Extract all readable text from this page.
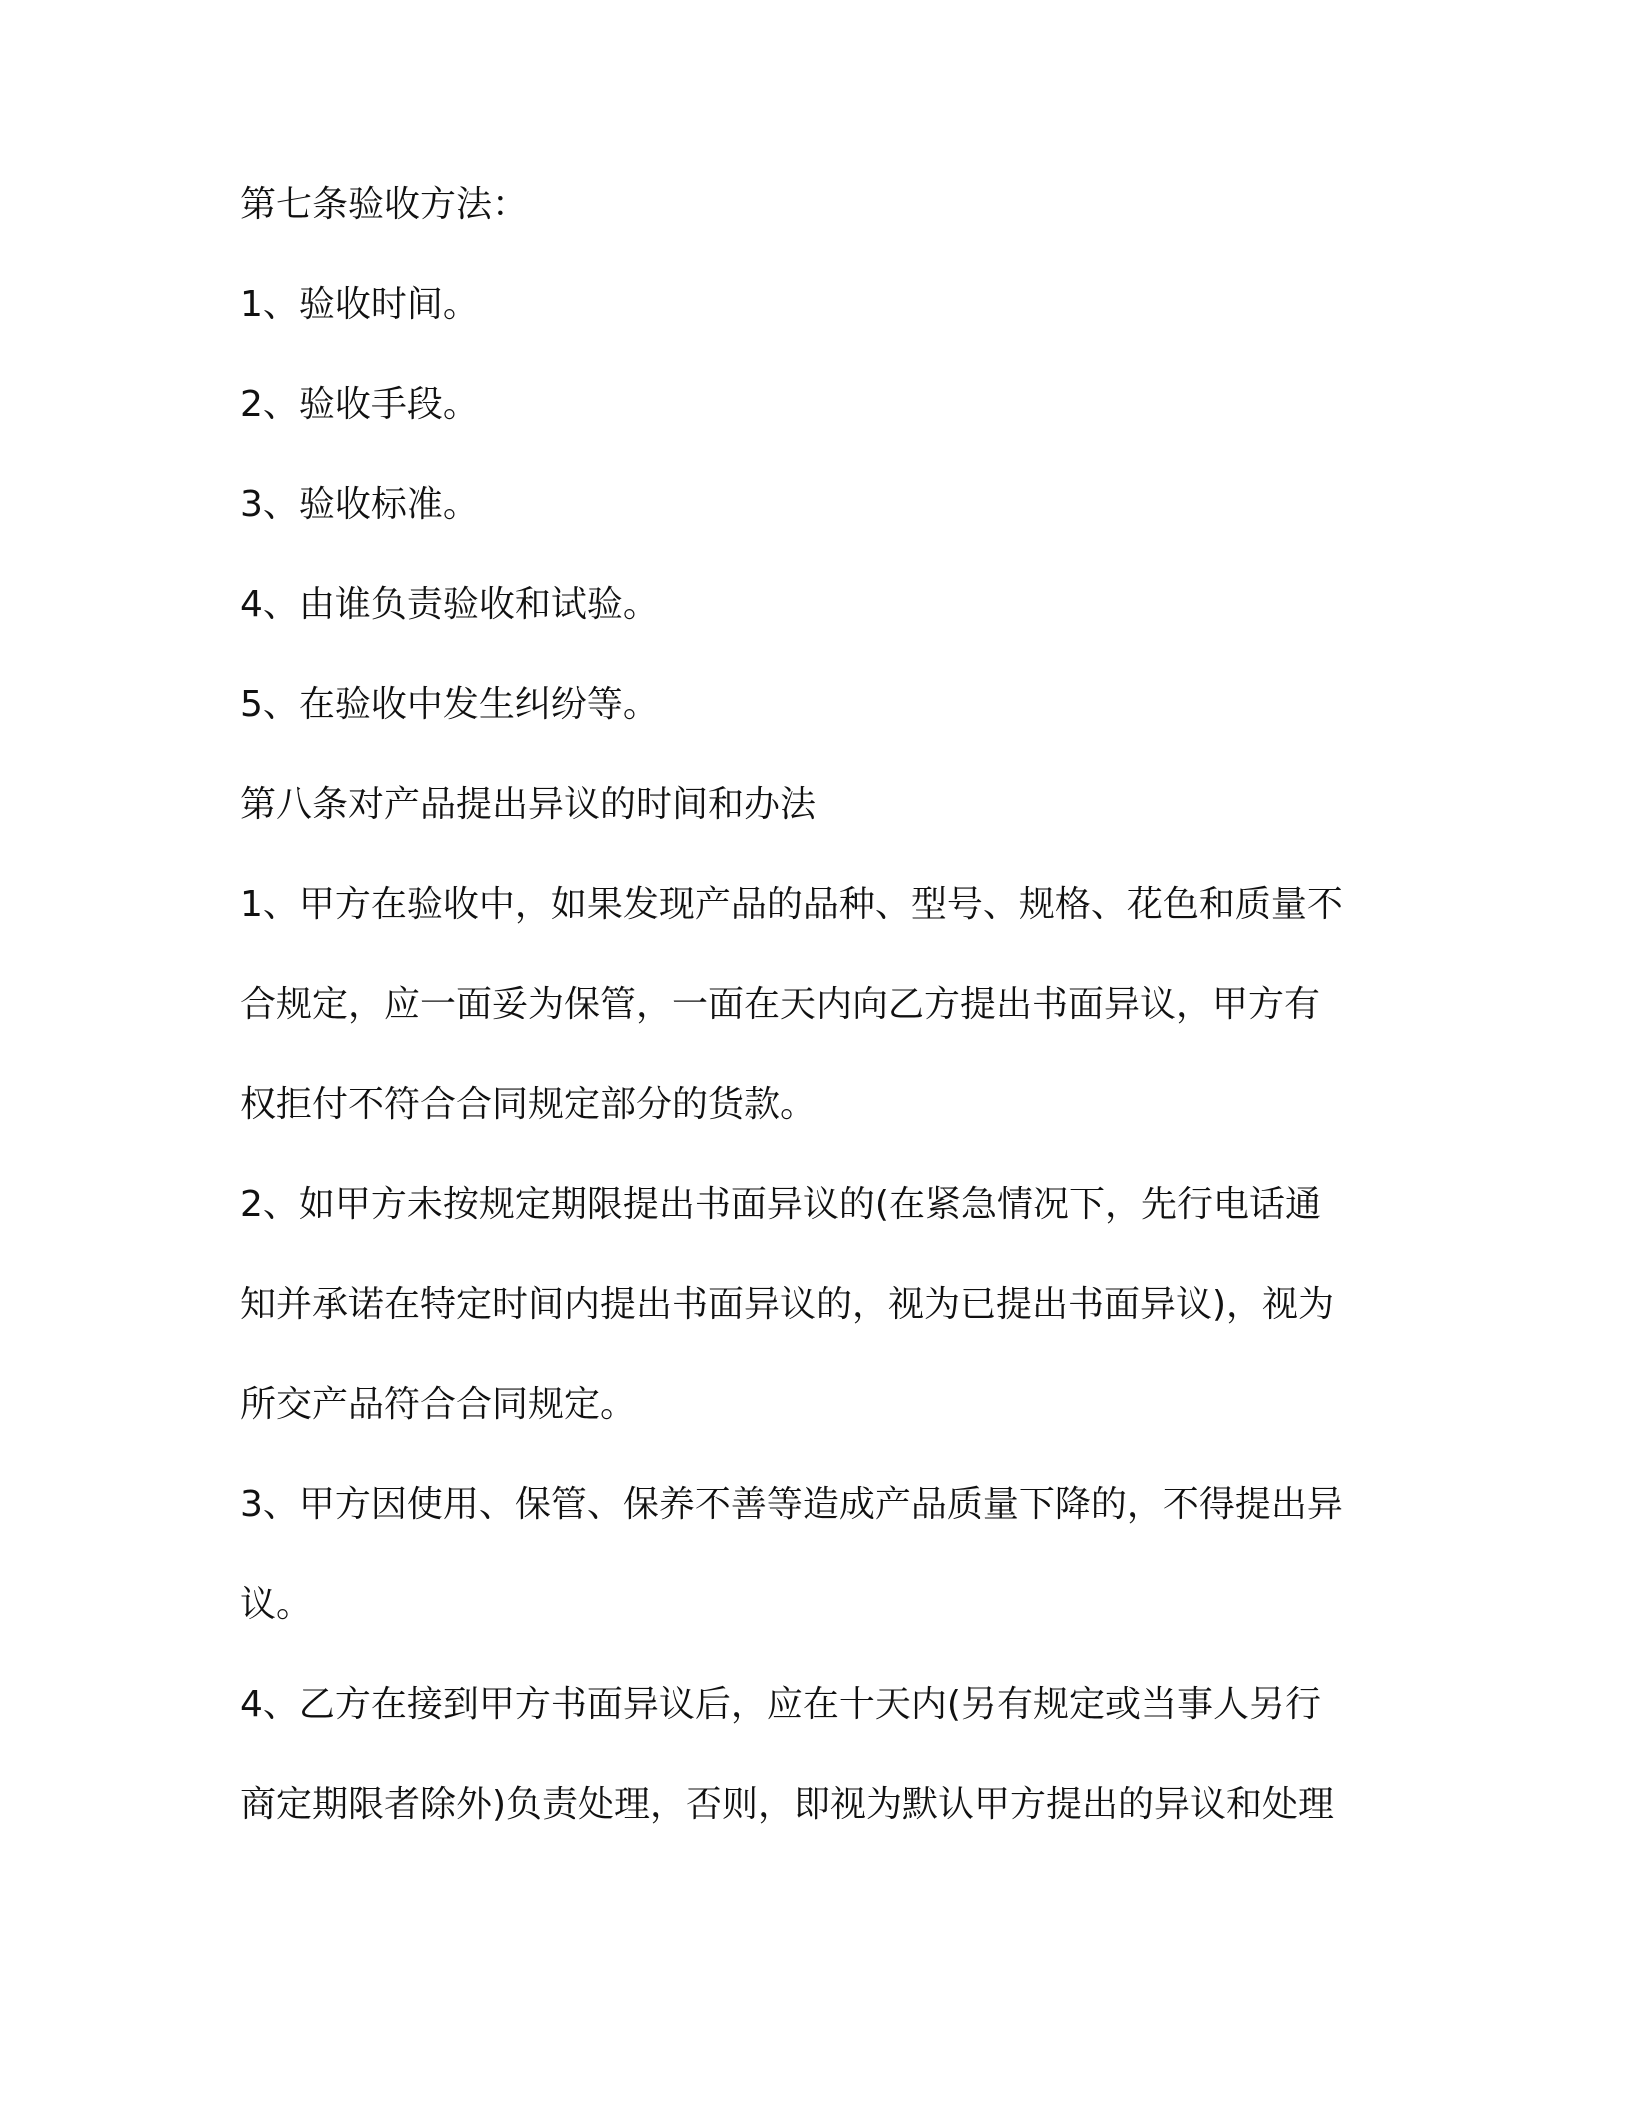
第七条验收方法：
1、验收时间。
2、验收手段。
3、验收标准。
4、由谁负责验收和试验。
5、在验收中发生纠纷等。
第八条对产品提出异议的时间和办法
1、甲方在验收中，如果发现产品的品种、型号、规格、花色和质量不
合规定，应一面妥为保管，一面在天内向乙方提出书面异议，甲方有
权拒付不符合合同规定部分的货款。
2、如甲方未按规定期限提出书面异议的(在紧急情况下，先行电话通
知并承诺在特定时间内提出书面异议的，视为已提出书面异议)，视为
所交产品符合合同规定。
3、甲方因使用、保管、保养不善等造成产品质量下降的，不得提出异
议。
4、乙方在接到甲方书面异议后，应在十天内(另有规定或当事人另行
商定期限者除外)负责处理，否则，即视为默认甲方提出的异议和处理
